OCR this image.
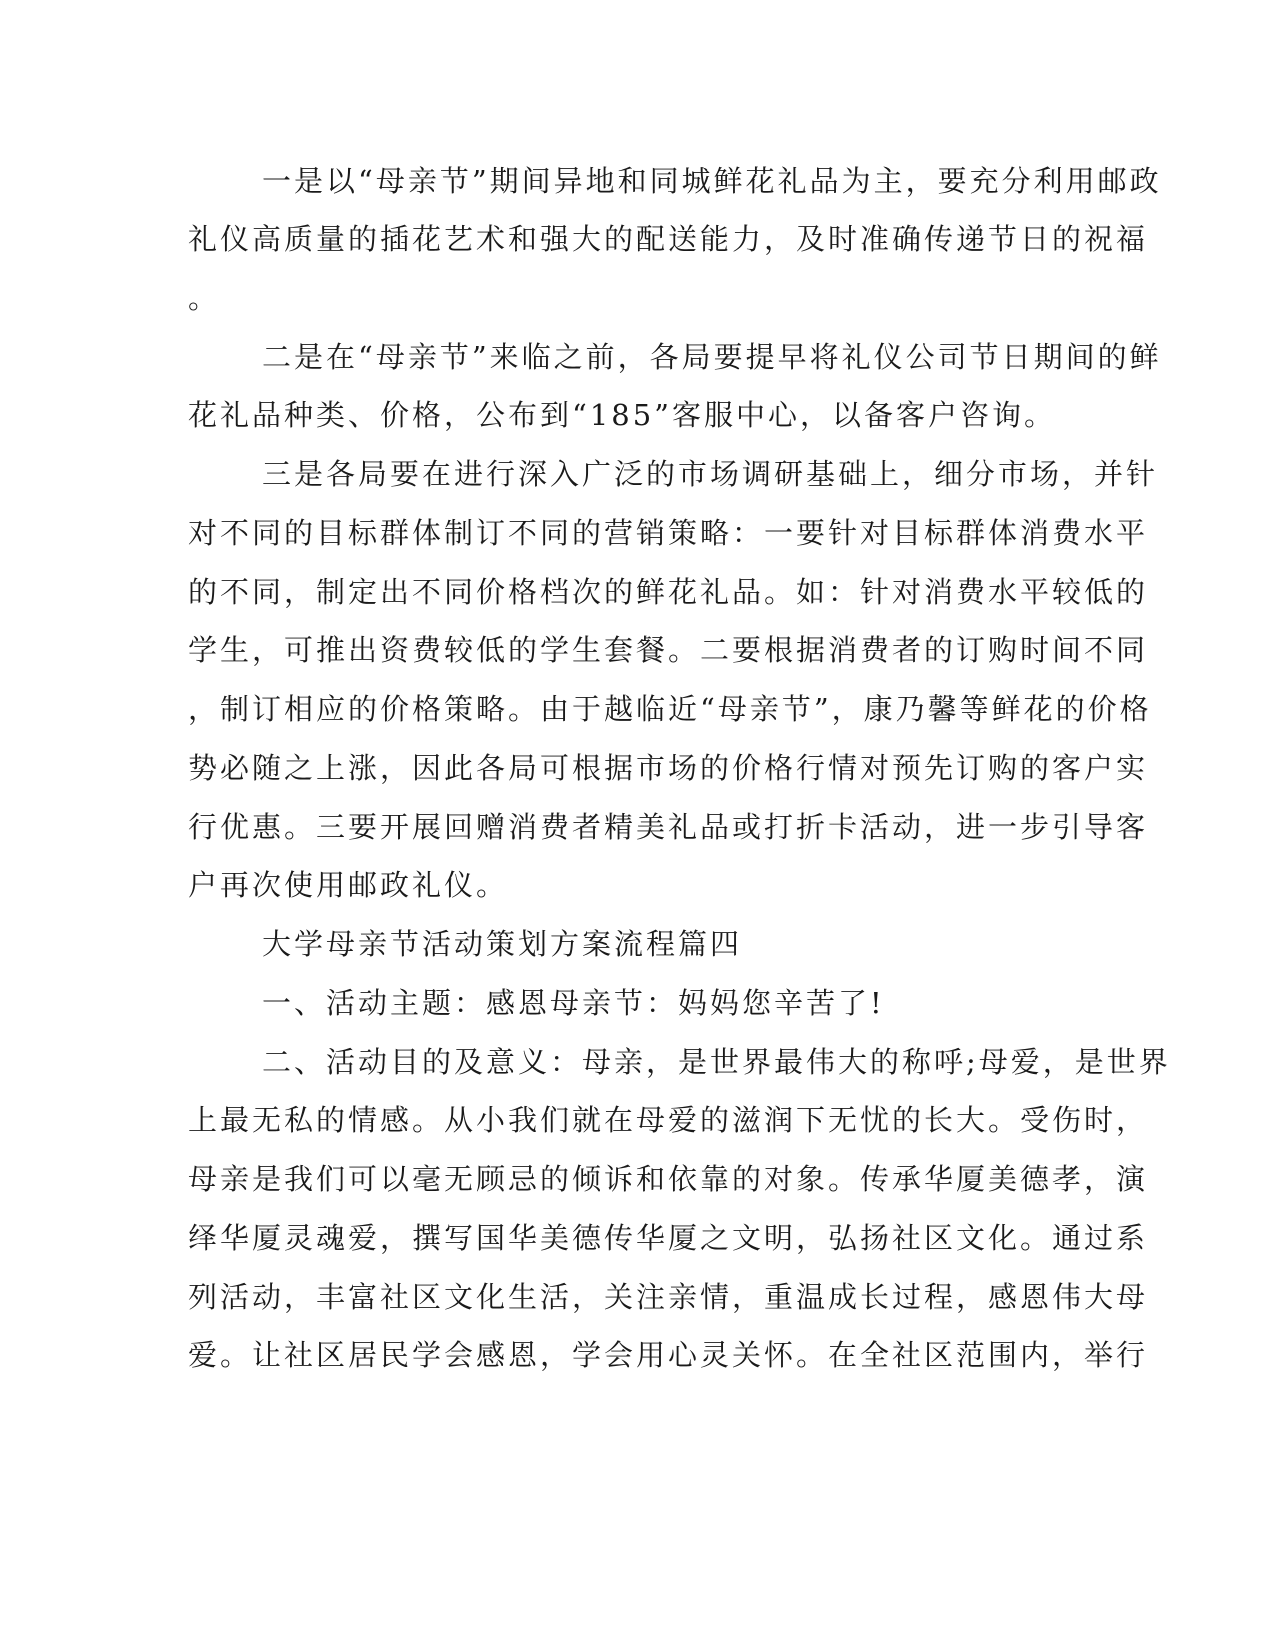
一是以“母亲节”期间异地和同城鲜花礼品为主，要充分利用邮政
礼仪高质量的插花艺术和强大的配送能力，及时准确传递节日的祝福
。
二是在“母亲节”来临之前，各局要提早将礼仪公司节日期间的鲜
花礼品种类、价格，公布到“185”客服中心，以备客户咨询。
三是各局要在进行深入广泛的市场调研基础上，细分市场，并针
对不同的目标群体制订不同的营销策略：一要针对目标群体消费水平
的不同，制定出不同价格档次的鲜花礼品。如：针对消费水平较低的
学生，可推出资费较低的学生套餐。二要根据消费者的订购时间不同
，制订相应的价格策略。由于越临近“母亲节”，康乃馨等鲜花的价格
势必随之上涨，因此各局可根据市场的价格行情对预先订购的客户实
行优惠。三要开展回赠消费者精美礼品或打折卡活动，进一步引导客
户再次使用邮政礼仪。
大学母亲节活动策划方案流程篇四
一、活动主题：感恩母亲节：妈妈您辛苦了!
二、活动目的及意义：母亲，是世界最伟大的称呼;母爱，是世界
上最无私的情感。从小我们就在母爱的滋润下无忧的长大。受伤时，
母亲是我们可以毫无顾忌的倾诉和依靠的对象。传承华厦美德孝，演
绎华厦灵魂爱，撰写国华美德传华厦之文明，弘扬社区文化。通过系
列活动，丰富社区文化生活，关注亲情，重温成长过程，感恩伟大母
爱。让社区居民学会感恩，学会用心灵关怀。在全社区范围内，举行
